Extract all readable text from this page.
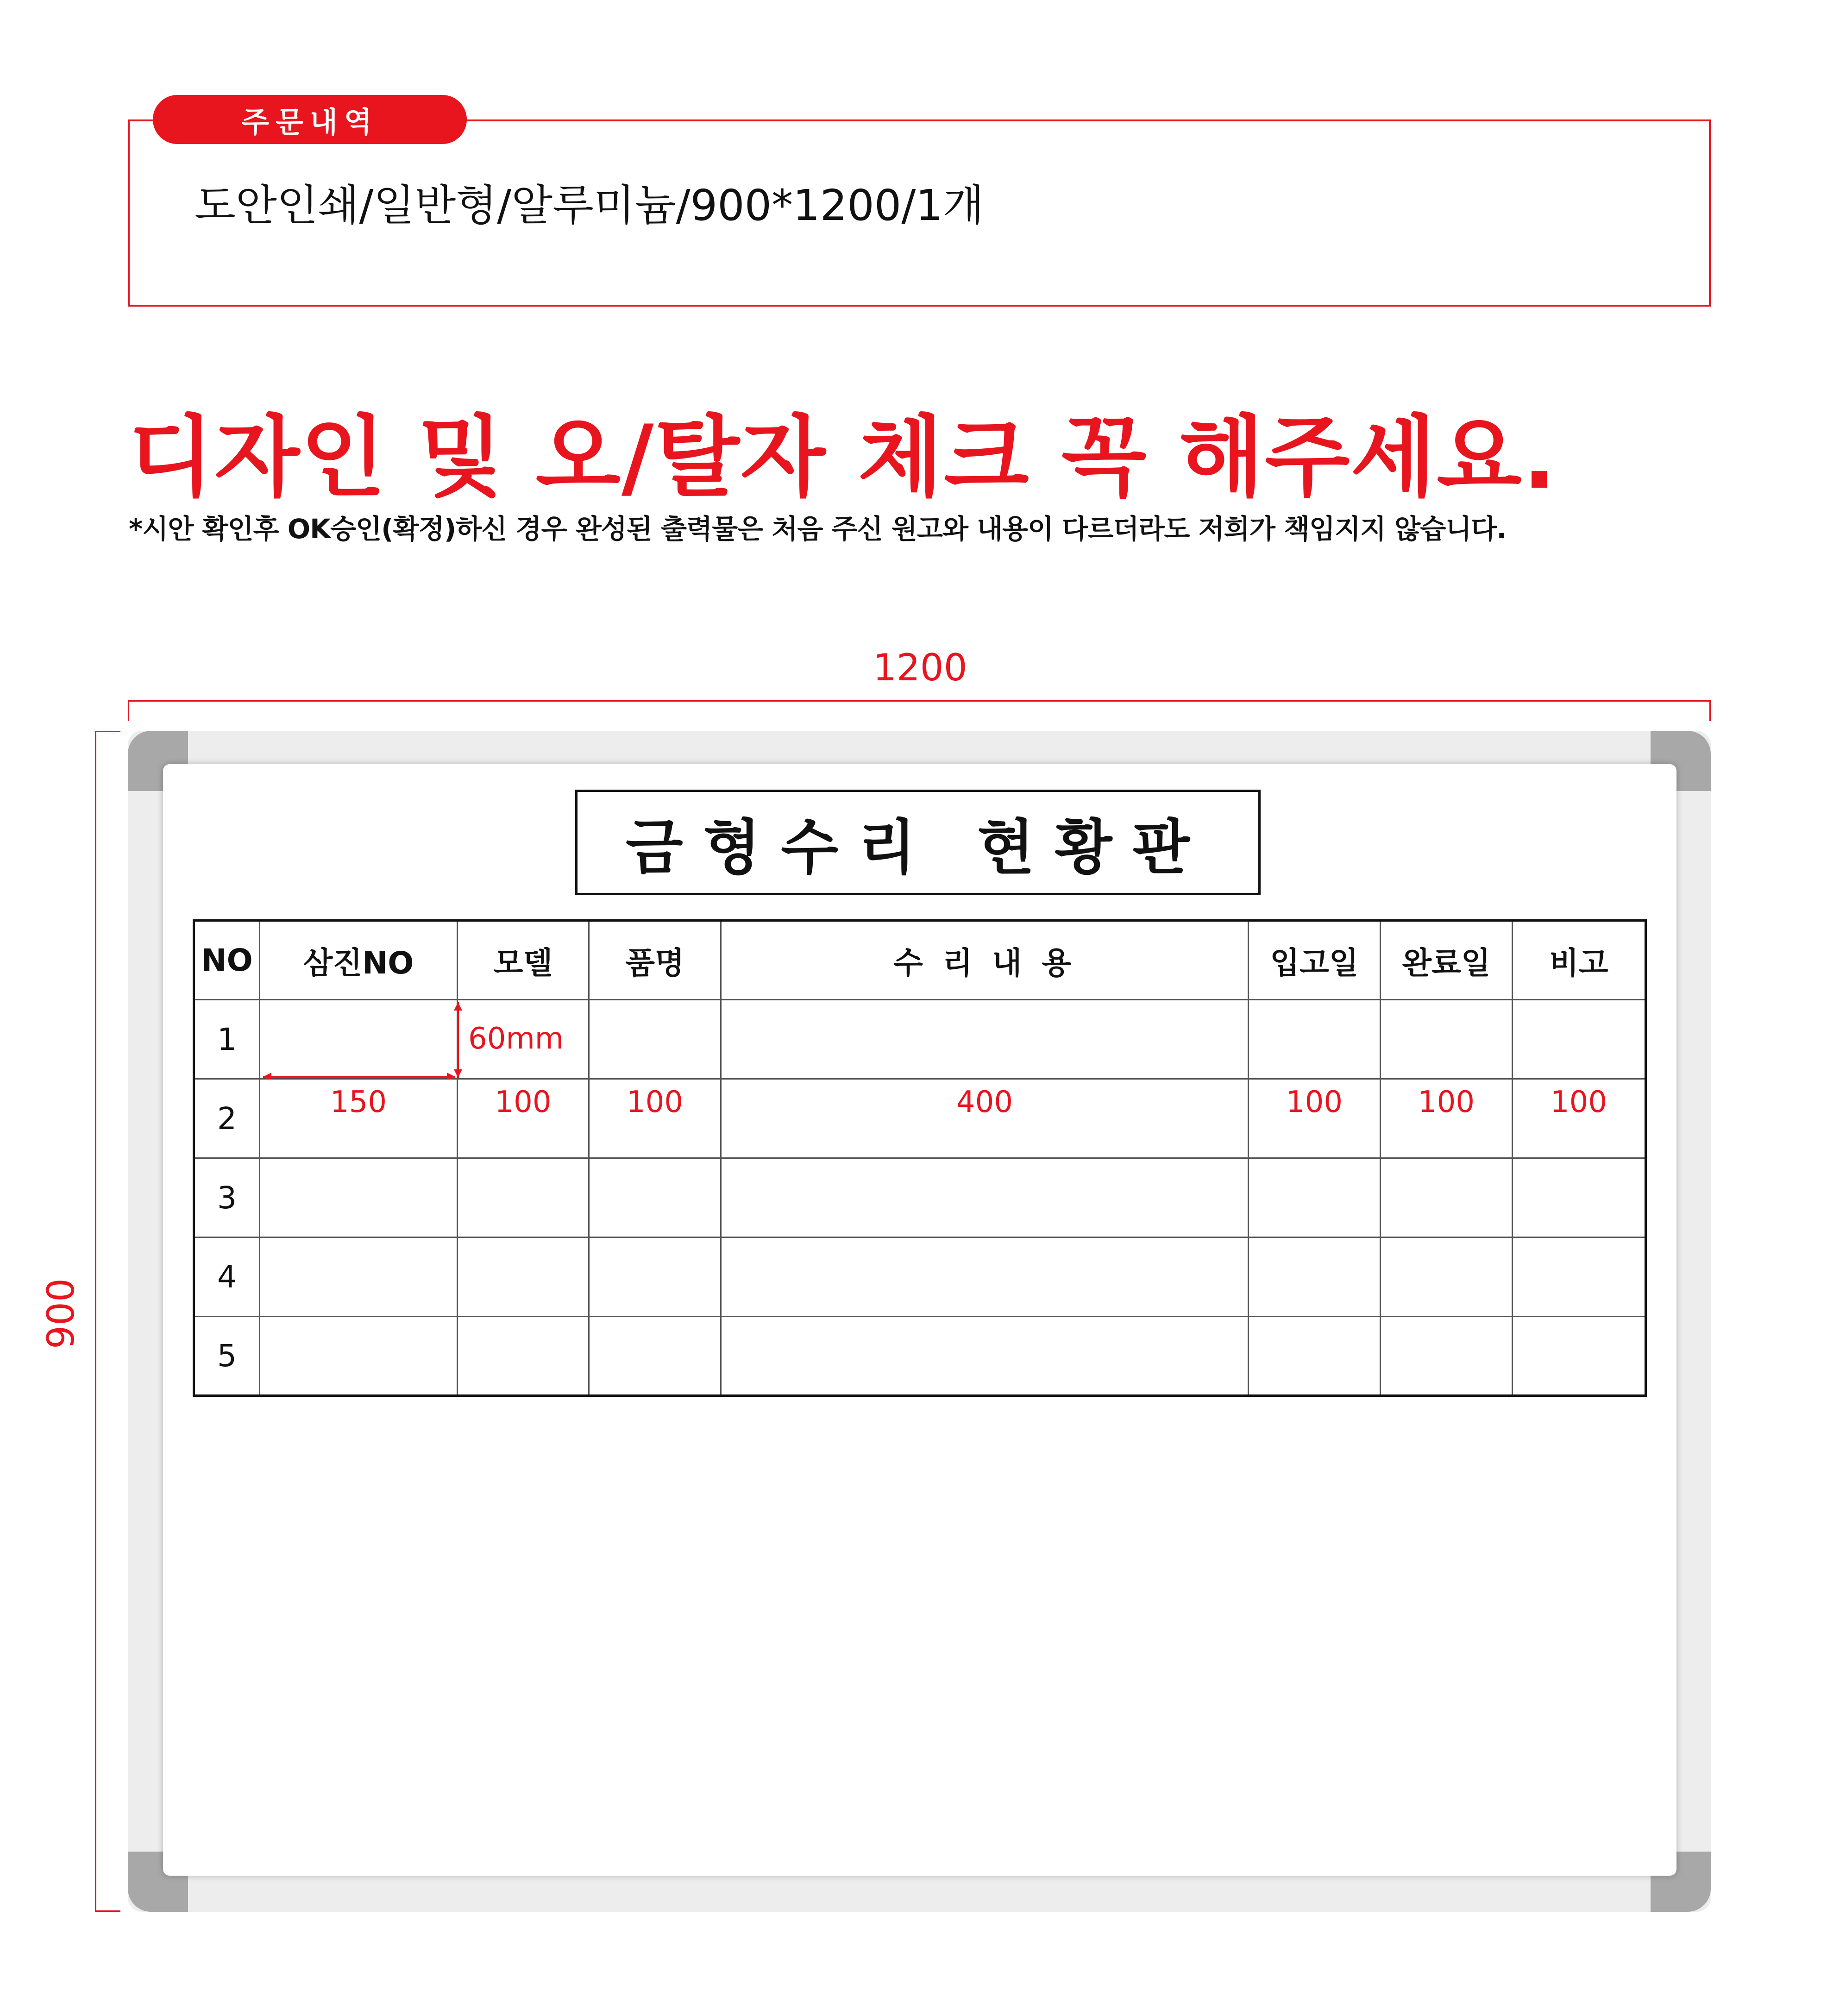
주문내역
도안인쇄/일반형/알루미늄/900*1200/1개
디자인 및 오/탈자 체크 꼭 해주세요.
*시안 확인후 OK승인(확정)하신 경우 완성된 출력물은 처음 주신 원고와 내용이 다르더라도 저희가 책임지지 않습니다.
1200
900
금형수리 현황판
NO	삼진NO	모델	품명	수 리 내 용	입고일	완료일	비고
1		60mm					

2	150	100	100	400	100	100	100

3							
4							
5							
